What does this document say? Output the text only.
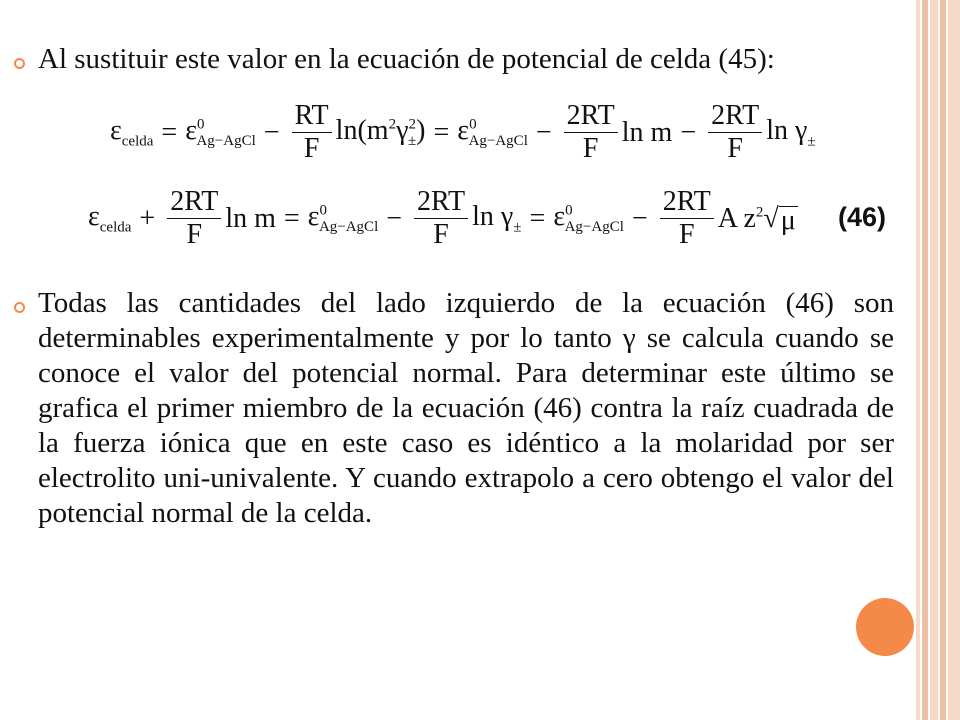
Al sustituir este valor en la ecuación de potencial de celda (45):
$\varepsilon_{celda} = \varepsilon^0_{Ag-AgCl} - \frac{RT}{F} \ln(m^2\gamma^2_\pm) = \varepsilon^0_{Ag-AgCl} - \frac{2RT}{F}$ $\ln m - \frac{2RT}{F}$ $\ln \gamma_\pm$
$\varepsilon_{celda} + \frac{2RT}{F}$ $\ln m = \varepsilon^0_{Ag-AgCl} - \frac{2RT}{F}$ $\ln \gamma_\pm = \varepsilon^0_{Ag-AgCl} - \frac{2RT}{F}$ A $z^2$ √ μ (46)
Todas las cantidades del lado izquierdo de la ecuación (46) son determinables experimentalmente y por lo tanto γ se calcula cuando se conoce el valor del potencial normal. Para determinar este último se grafica el primer miembro de la ecuación (46) contra la raíz cuadrada de la fuerza iónica que en este caso es idéntico a la molaridad por ser electrolito uni-univalente. Y cuando extrapolo a cero obtengo el valor del potencial normal de la celda.
